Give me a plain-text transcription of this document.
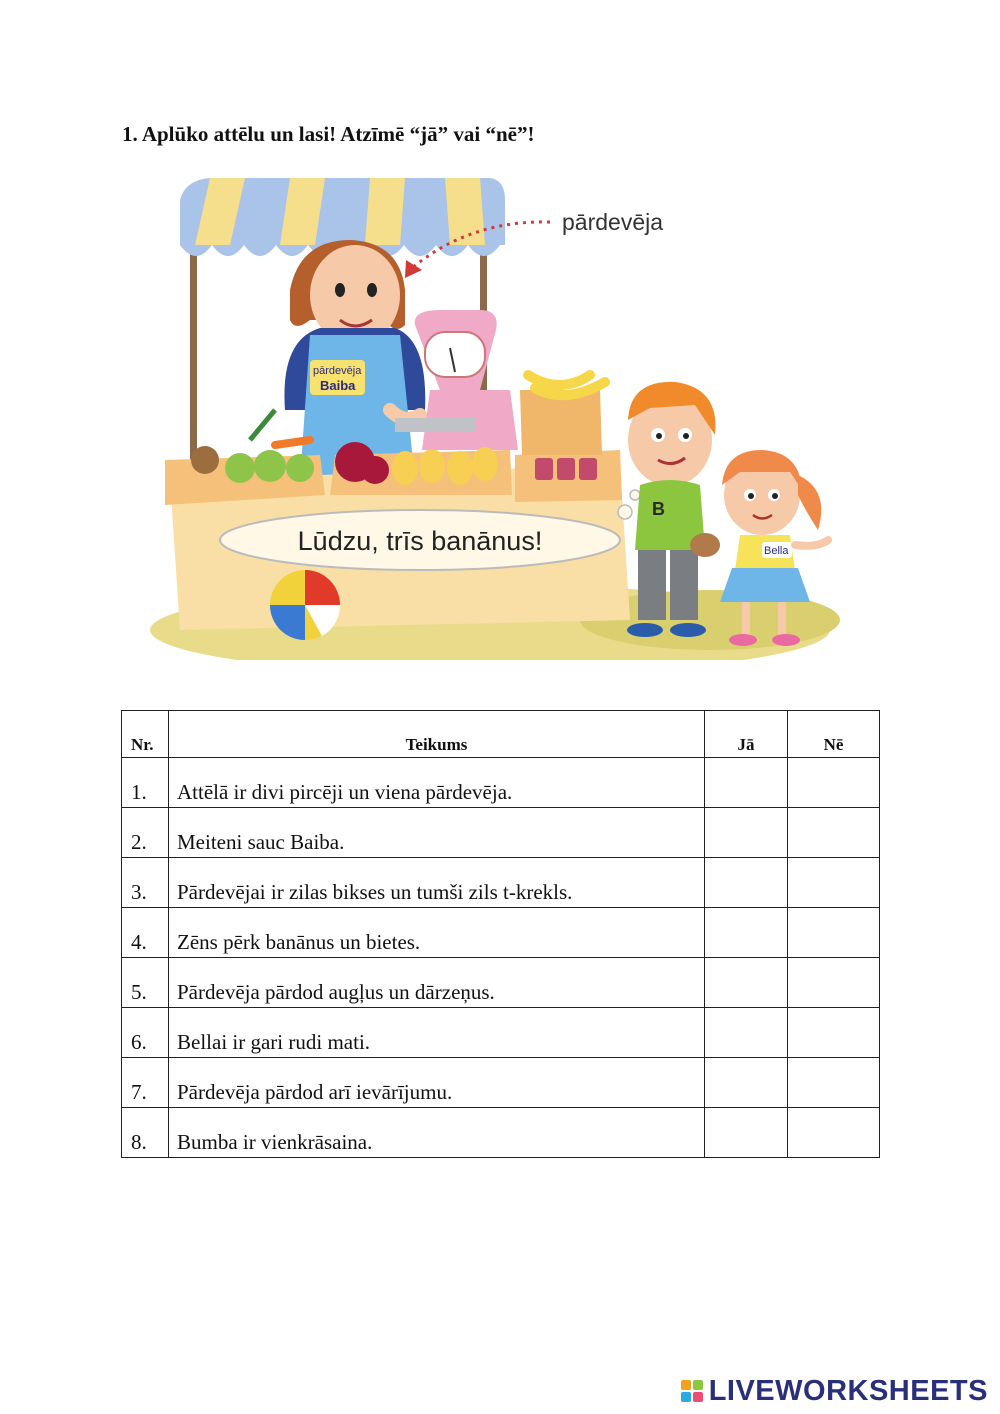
1. Aplūko attēlu un lasi! Atzīmē “jā” vai “nē”!
pārdevēja
pārdevēja
Baiba
Lūdzu, trīs banānus!
B
Bella
Nr.	Teikums	Jā	Nē
1.	Attēlā ir divi pircēji un viena pārdevēja.		
2.	Meiteni sauc Baiba.		
3.	Pārdevējai ir zilas bikses un tumši zils t-krekls.		
4.	Zēns pērk banānus un bietes.		
5.	Pārdevēja pārdod augļus un dārzeņus.		
6.	Bellai ir gari rudi mati.		
7.	Pārdevēja pārdod arī ievārījumu.		
8.	Bumba ir vienkrāsaina.		
LIVEWORKSHEETS
